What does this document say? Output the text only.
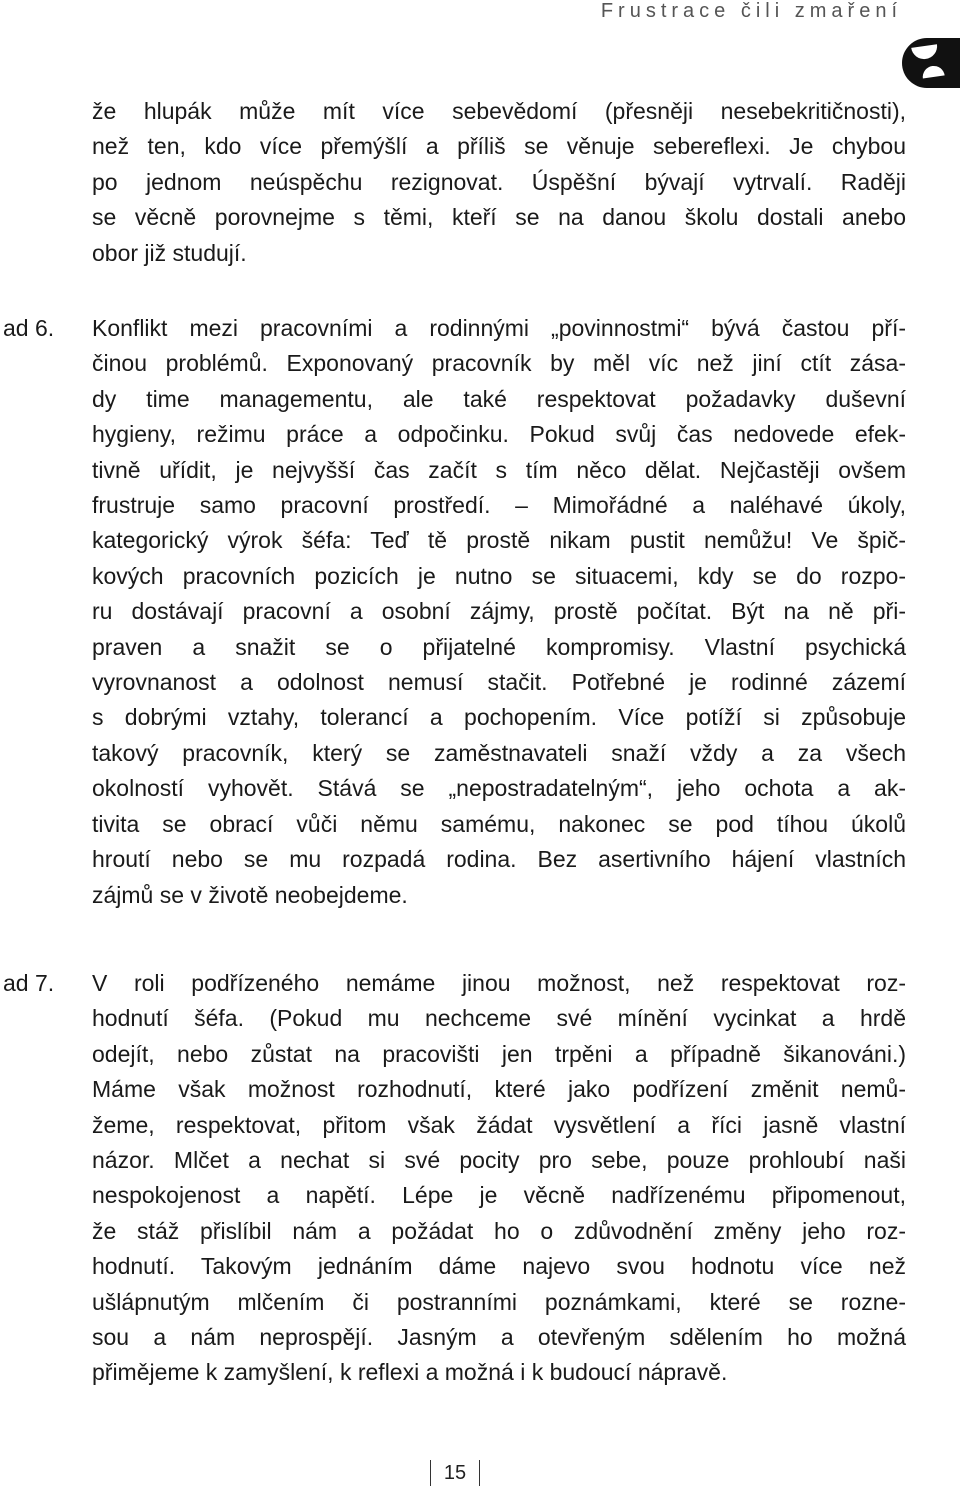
Frustrace čili zmaření
že hlupák může mít více sebevědomí (přesněji nesebekritičnosti),
než ten, kdo více přemýšlí a příliš se věnuje sebereflexi. Je chybou
po jednom neúspěchu rezignovat. Úspěšní bývají vytrvalí. Raději
se věcně porovnejme s těmi, kteří se na danou školu dostali anebo
obor již studují.
ad 6. Konflikt mezi pracovními a rodinnými „povinnostmi“ bývá častou pří-
činou problémů. Exponovaný pracovník by měl víc než jiní ctít zása-
dy time managementu, ale také respektovat požadavky duševní
hygieny, režimu práce a odpočinku. Pokud svůj čas nedovede efek-
tivně uřídit, je nejvyšší čas začít s tím něco dělat. Nejčastěji ovšem
frustruje samo pracovní prostředí. – Mimořádné a naléhavé úkoly,
kategorický výrok šéfa: Teď tě prostě nikam pustit nemůžu! Ve špič-
kových pracovních pozicích je nutno se situacemi, kdy se do rozpo-
ru dostávají pracovní a osobní zájmy, prostě počítat. Být na ně při-
praven a snažit se o přijatelné kompromisy. Vlastní psychická
vyrovnanost a odolnost nemusí stačit. Potřebné je rodinné zázemí
s dobrými vztahy, tolerancí a pochopením. Více potíží si způsobuje
takový pracovník, který se zaměstnavateli snaží vždy a za všech
okolností vyhovět. Stává se „nepostradatelným“, jeho ochota a ak-
tivita se obrací vůči němu samému, nakonec se pod tíhou úkolů
hroutí nebo se mu rozpadá rodina. Bez asertivního hájení vlastních
zájmů se v životě neobejdeme.
ad 7. V roli podřízeného nemáme jinou možnost, než respektovat roz-
hodnutí šéfa. (Pokud mu nechceme své mínění vycinkat a hrdě
odejít, nebo zůstat na pracovišti jen trpěni a případně šikanováni.)
Máme však možnost rozhodnutí, které jako podřízení změnit nemů-
žeme, respektovat, přitom však žádat vysvětlení a říci jasně vlastní
názor. Mlčet a nechat si své pocity pro sebe, pouze prohloubí naši
nespokojenost a napětí. Lépe je věcně nadřízenému připomenout,
že stáž přislíbil nám a požádat ho o zdůvodnění změny jeho roz-
hodnutí. Takovým jednáním dáme najevo svou hodnotu více než
ušlápnutým mlčením či postranními poznámkami, které se rozne-
sou a nám neprospějí. Jasným a otevřeným sdělením ho možná
přiměјeme k zamyšlení, k reflexi a možná i k budoucí nápravě.
15
